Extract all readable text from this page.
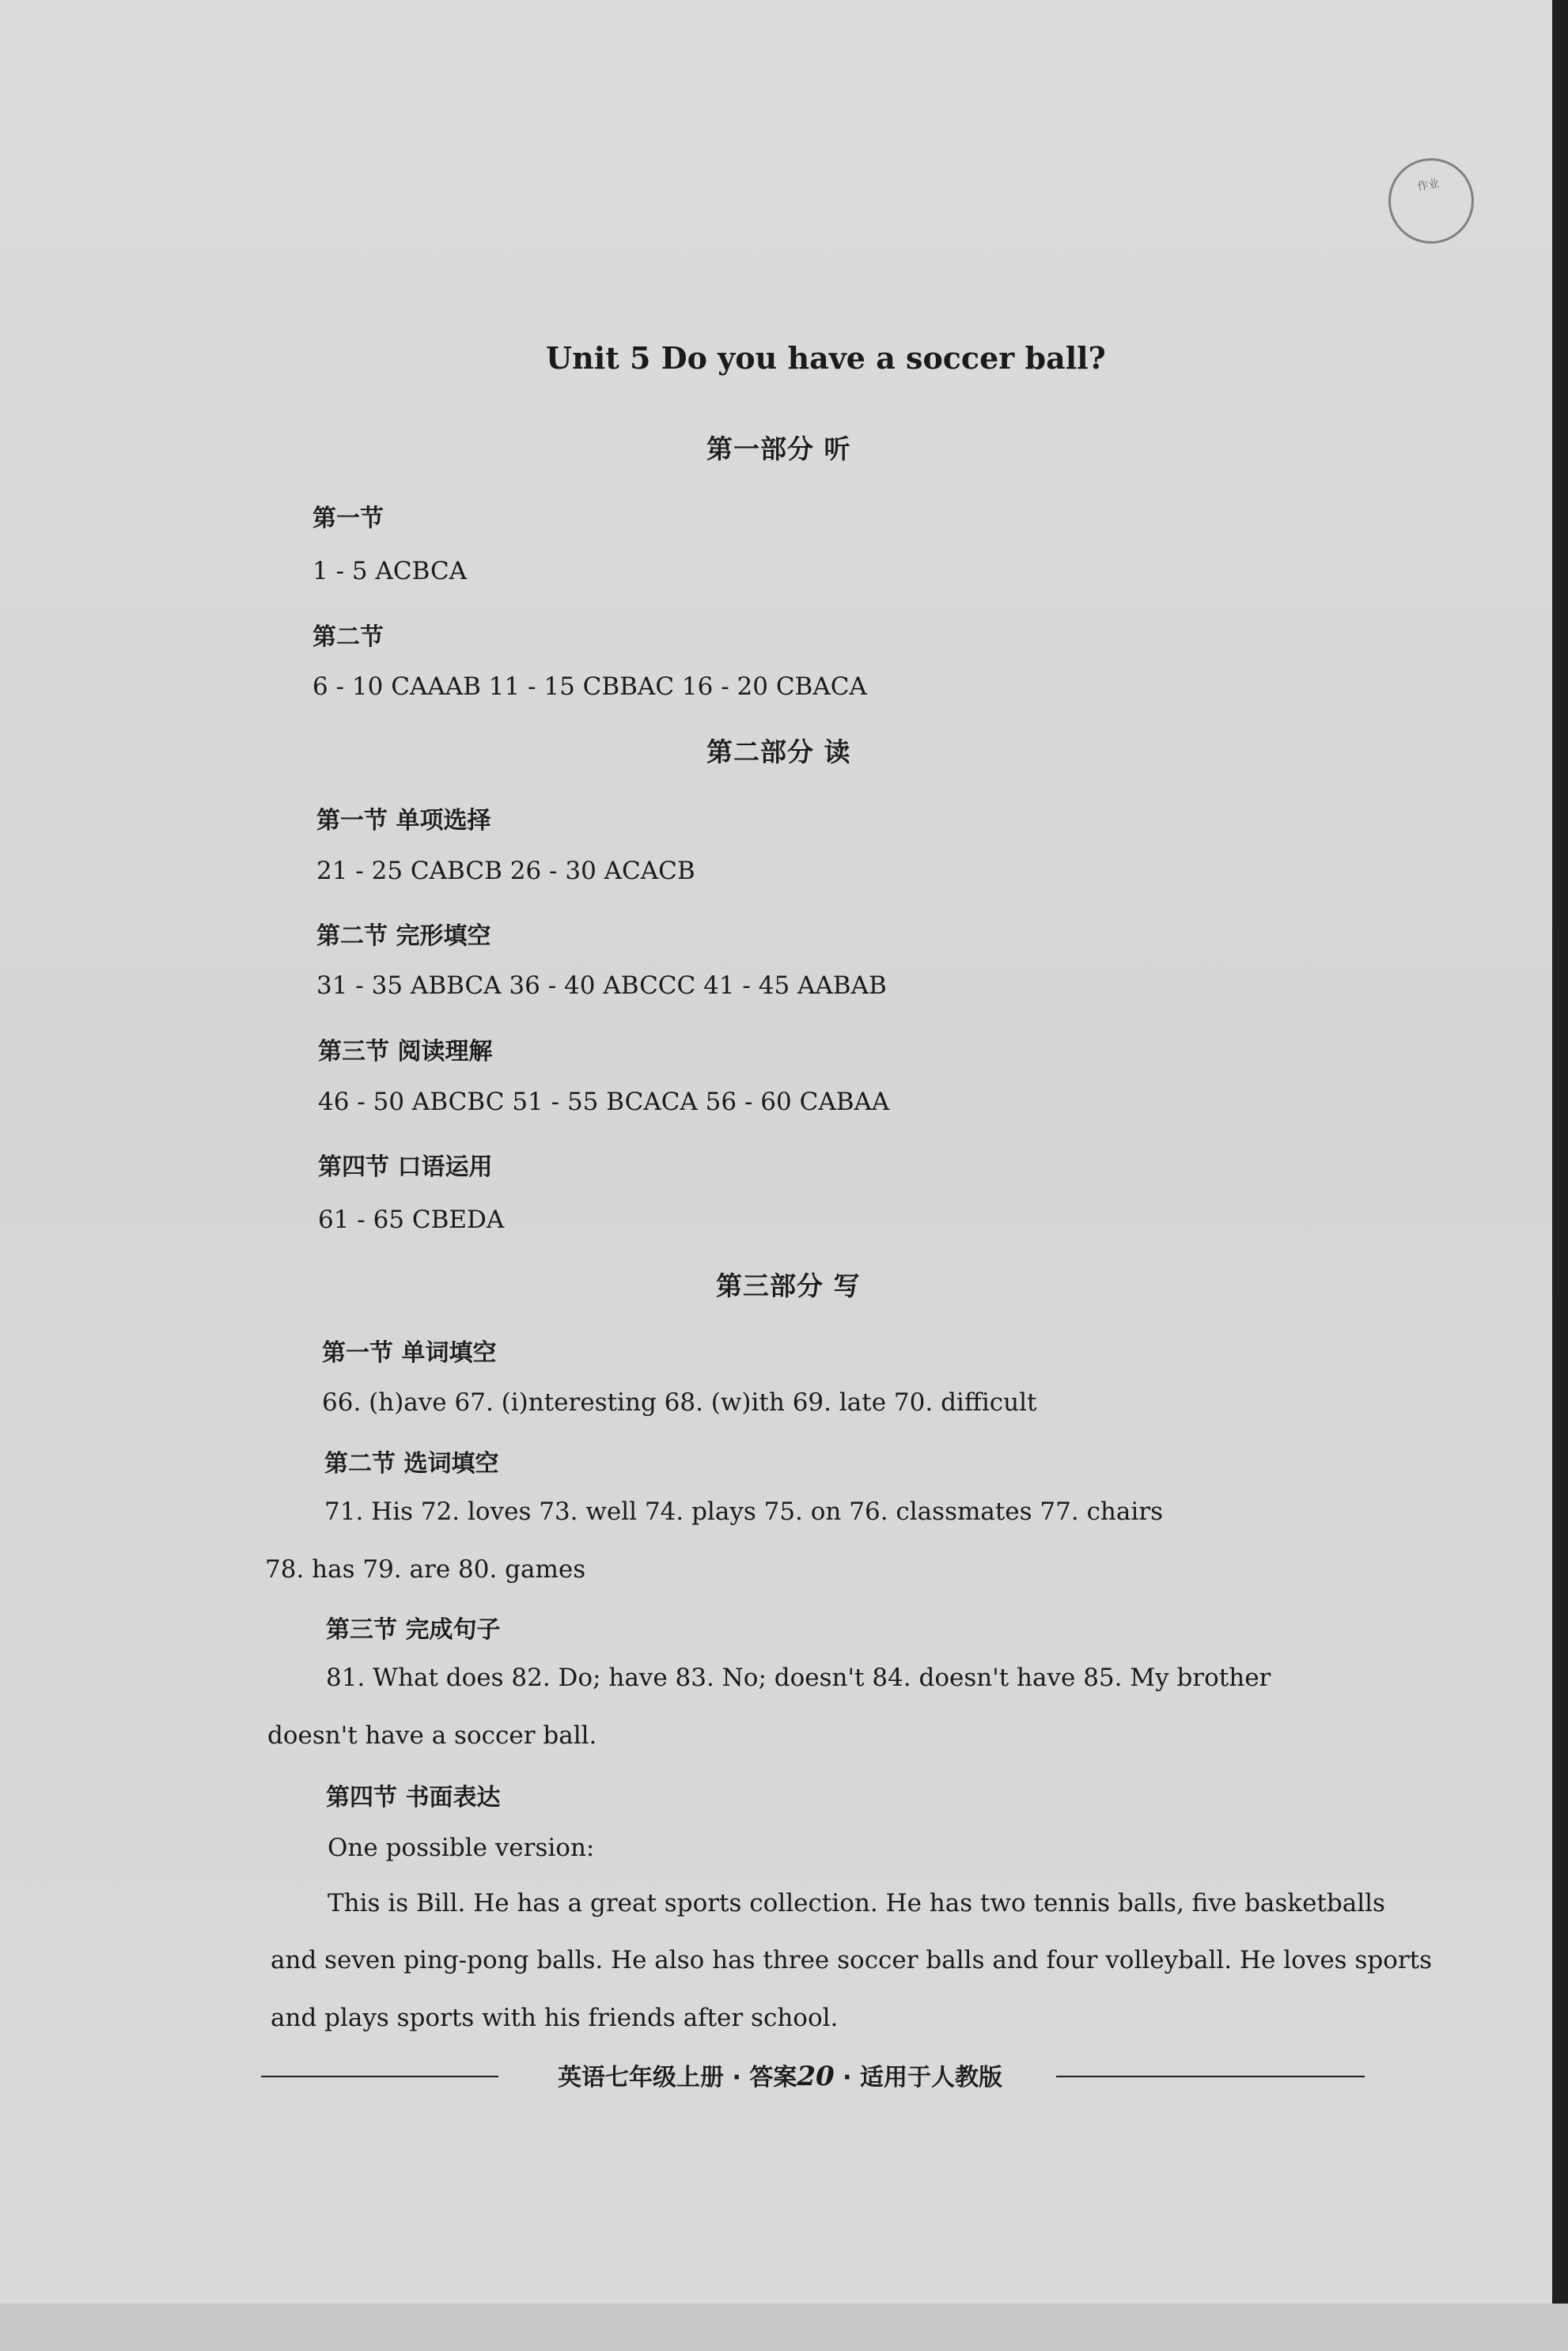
作业
Unit 5 Do you have a soccer ball?
第一部分 听
第一节
1 - 5 ACBCA
第二节
6 - 10 CAAAB 11 - 15 CBBAC 16 - 20 CBACA
第二部分 读
第一节 单项选择
21 - 25 CABCB 26 - 30 ACACB
第二节 完形填空
31 - 35 ABBCA 36 - 40 ABCCC 41 - 45 AABAB
第三节 阅读理解
46 - 50 ABCBC 51 - 55 BCACA 56 - 60 CABAA
第四节 口语运用
61 - 65 CBEDA
第三部分 写
第一节 单词填空
66. (h)ave 67. (i)nteresting 68. (w)ith 69. late 70. difficult
第二节 选词填空
71. His 72. loves 73. well 74. plays 75. on 76. classmates 77. chairs
78. has 79. are 80. games
第三节 完成句子
81. What does 82. Do; have 83. No; doesn't 84. doesn't have 85. My brother
doesn't have a soccer ball.
第四节 书面表达
One possible version:
This is Bill. He has a great sports collection. He has two tennis balls, five basketballs
and seven ping-pong balls. He also has three soccer balls and four volleyball. He loves sports
and plays sports with his friends after school.
英语七年级上册 · 答案20 · 适用于人教版
